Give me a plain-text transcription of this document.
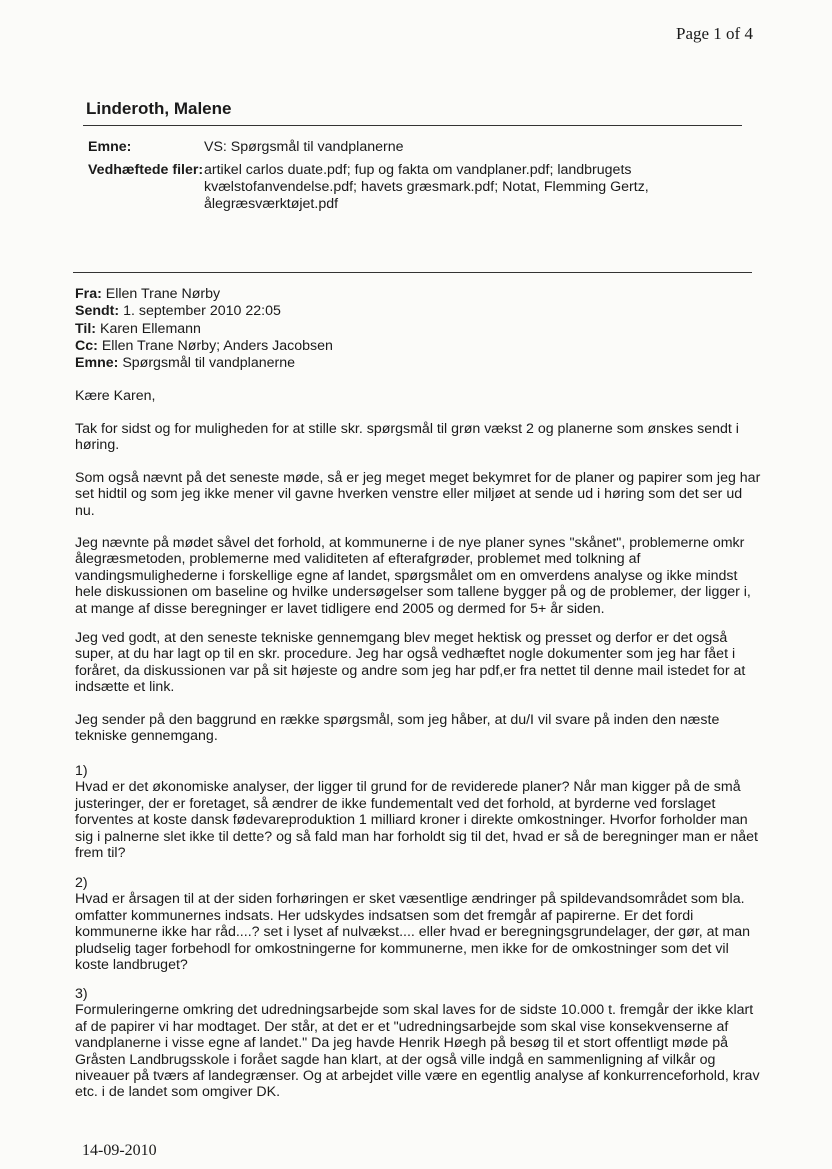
Page 1 of 4
Linderoth, Malene
Emne:	VS: Spørgsmål til vandplanerne
Vedhæftede filer: artikel carlos duate.pdf; fup og fakta om vandplaner.pdf; landbrugets
kvælstofanvendelse.pdf; havets græsmark.pdf; Notat, Flemming Gertz,
ålegræsværktøjet.pdf
Fra: Ellen Trane Nørby
Sendt: 1. september 2010 22:05
Til: Karen Ellemann
Cc: Ellen Trane Nørby; Anders Jacobsen
Emne: Spørgsmål til vandplanerne
Kære Karen,
Tak for sidst og for muligheden for at stille skr. spørgsmål til grøn vækst 2 og planerne som ønskes sendt i
høring.
Som også nævnt på det seneste møde, så er jeg meget meget bekymret for de planer og papirer som jeg har
set hidtil og som jeg ikke mener vil gavne hverken venstre eller miljøet at sende ud i høring som det ser ud
nu.
Jeg nævnte på mødet såvel det forhold, at kommunerne i de nye planer synes "skånet", problemerne omkr
ålegræsmetoden, problemerne med validiteten af efterafgrøder, problemet med tolkning af
vandingsmulighederne i forskellige egne af landet, spørgsmålet om en omverdens analyse og ikke mindst
hele diskussionen om baseline og hvilke undersøgelser som tallene bygger på og de problemer, der ligger i,
at mange af disse beregninger er lavet tidligere end 2005 og dermed for 5+ år siden.
Jeg ved godt, at den seneste tekniske gennemgang blev meget hektisk og presset og derfor er det også
super, at du har lagt op til en skr. procedure. Jeg har også vedhæftet nogle dokumenter som jeg har fået i
foråret, da diskussionen var på sit højeste og andre som jeg har pdf,er fra nettet til denne mail istedet for at
indsætte et link.
Jeg sender på den baggrund en række spørgsmål, som jeg håber, at du/I vil svare på inden den næste
tekniske gennemgang.
1)
Hvad er det økonomiske analyser, der ligger til grund for de reviderede planer? Når man kigger på de små
justeringer, der er foretaget, så ændrer de ikke fundementalt ved det forhold, at byrderne ved forslaget
forventes at koste dansk fødevareproduktion 1 milliard kroner i direkte omkostninger. Hvorfor forholder man
sig i palnerne slet ikke til dette? og så fald man har forholdt sig til det, hvad er så de beregninger man er nået
frem til?
2)
Hvad er årsagen til at der siden forhøringen er sket væsentlige ændringer på spildevandsområdet som bla.
omfatter kommunernes indsats. Her udskydes indsatsen som det fremgår af papirerne. Er det fordi
kommunerne ikke har råd....? set i lyset af nulvækst.... eller hvad er beregningsgrundelager, der gør, at man
pludselig tager forbehodl for omkostningerne for kommunerne, men ikke for de omkostninger som det vil
koste landbruget?
3)
Formuleringerne omkring det udredningsarbejde som skal laves for de sidste 10.000 t. fremgår der ikke klart
af de papirer vi har modtaget. Der står, at det er et "udredningsarbejde som skal vise konsekvenserne af
vandplanerne i visse egne af landet." Da jeg havde Henrik Høegh på besøg til et stort offentligt møde på
Gråsten Landbrugsskole i forået sagde han klart, at der også ville indgå en sammenligning af vilkår og
niveauer på tværs af landegrænser. Og at arbejdet ville være en egentlig analyse af konkurrenceforhold, krav
etc. i de landet som omgiver DK.
14-09-2010
